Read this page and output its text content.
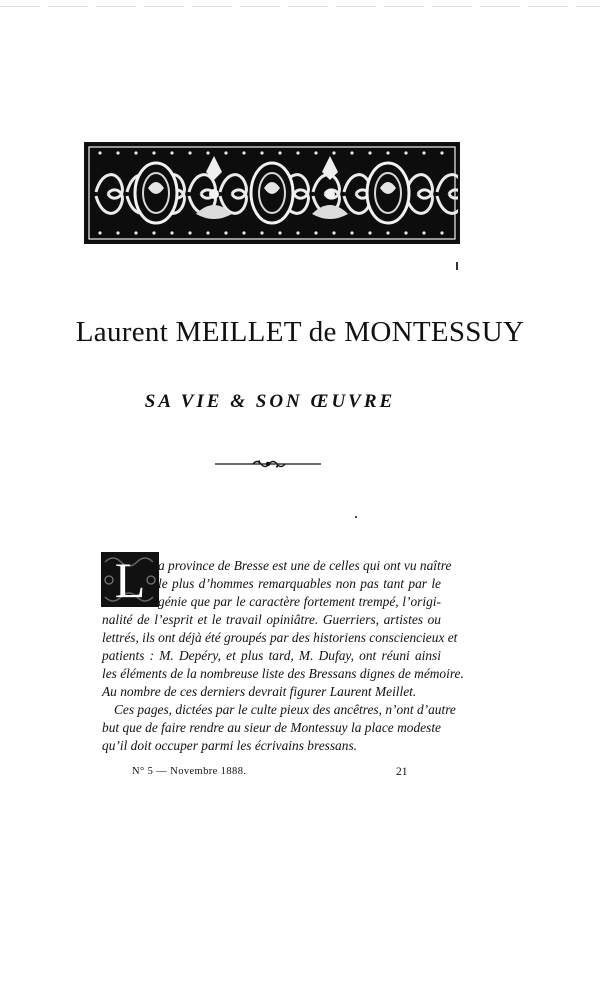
Laurent MEILLET de MONTESSUY
SA VIE & SON ŒUVRE
L a province de Bresse est une de celles qui ont vu naître
le plus d’hommes remarquables non pas tant par le
génie que par le caractère fortement trempé, l’origi-
nalité de l’esprit et le travail opiniâtre. Guerriers, artistes ou
lettrés, ils ont déjà été groupés par des historiens consciencieux et
patients : M. Depéry, et plus tard, M. Dufay, ont réuni ainsi
les éléments de la nombreuse liste des Bressans dignes de mémoire.
Au nombre de ces derniers devrait figurer Laurent Meillet.
Ces pages, dictées par le culte pieux des ancêtres, n’ont d’autre
but que de faire rendre au sieur de Montessuy la place modeste
qu’il doit occuper parmi les écrivains bressans.
N° 5 — Novembre 1888.	21
